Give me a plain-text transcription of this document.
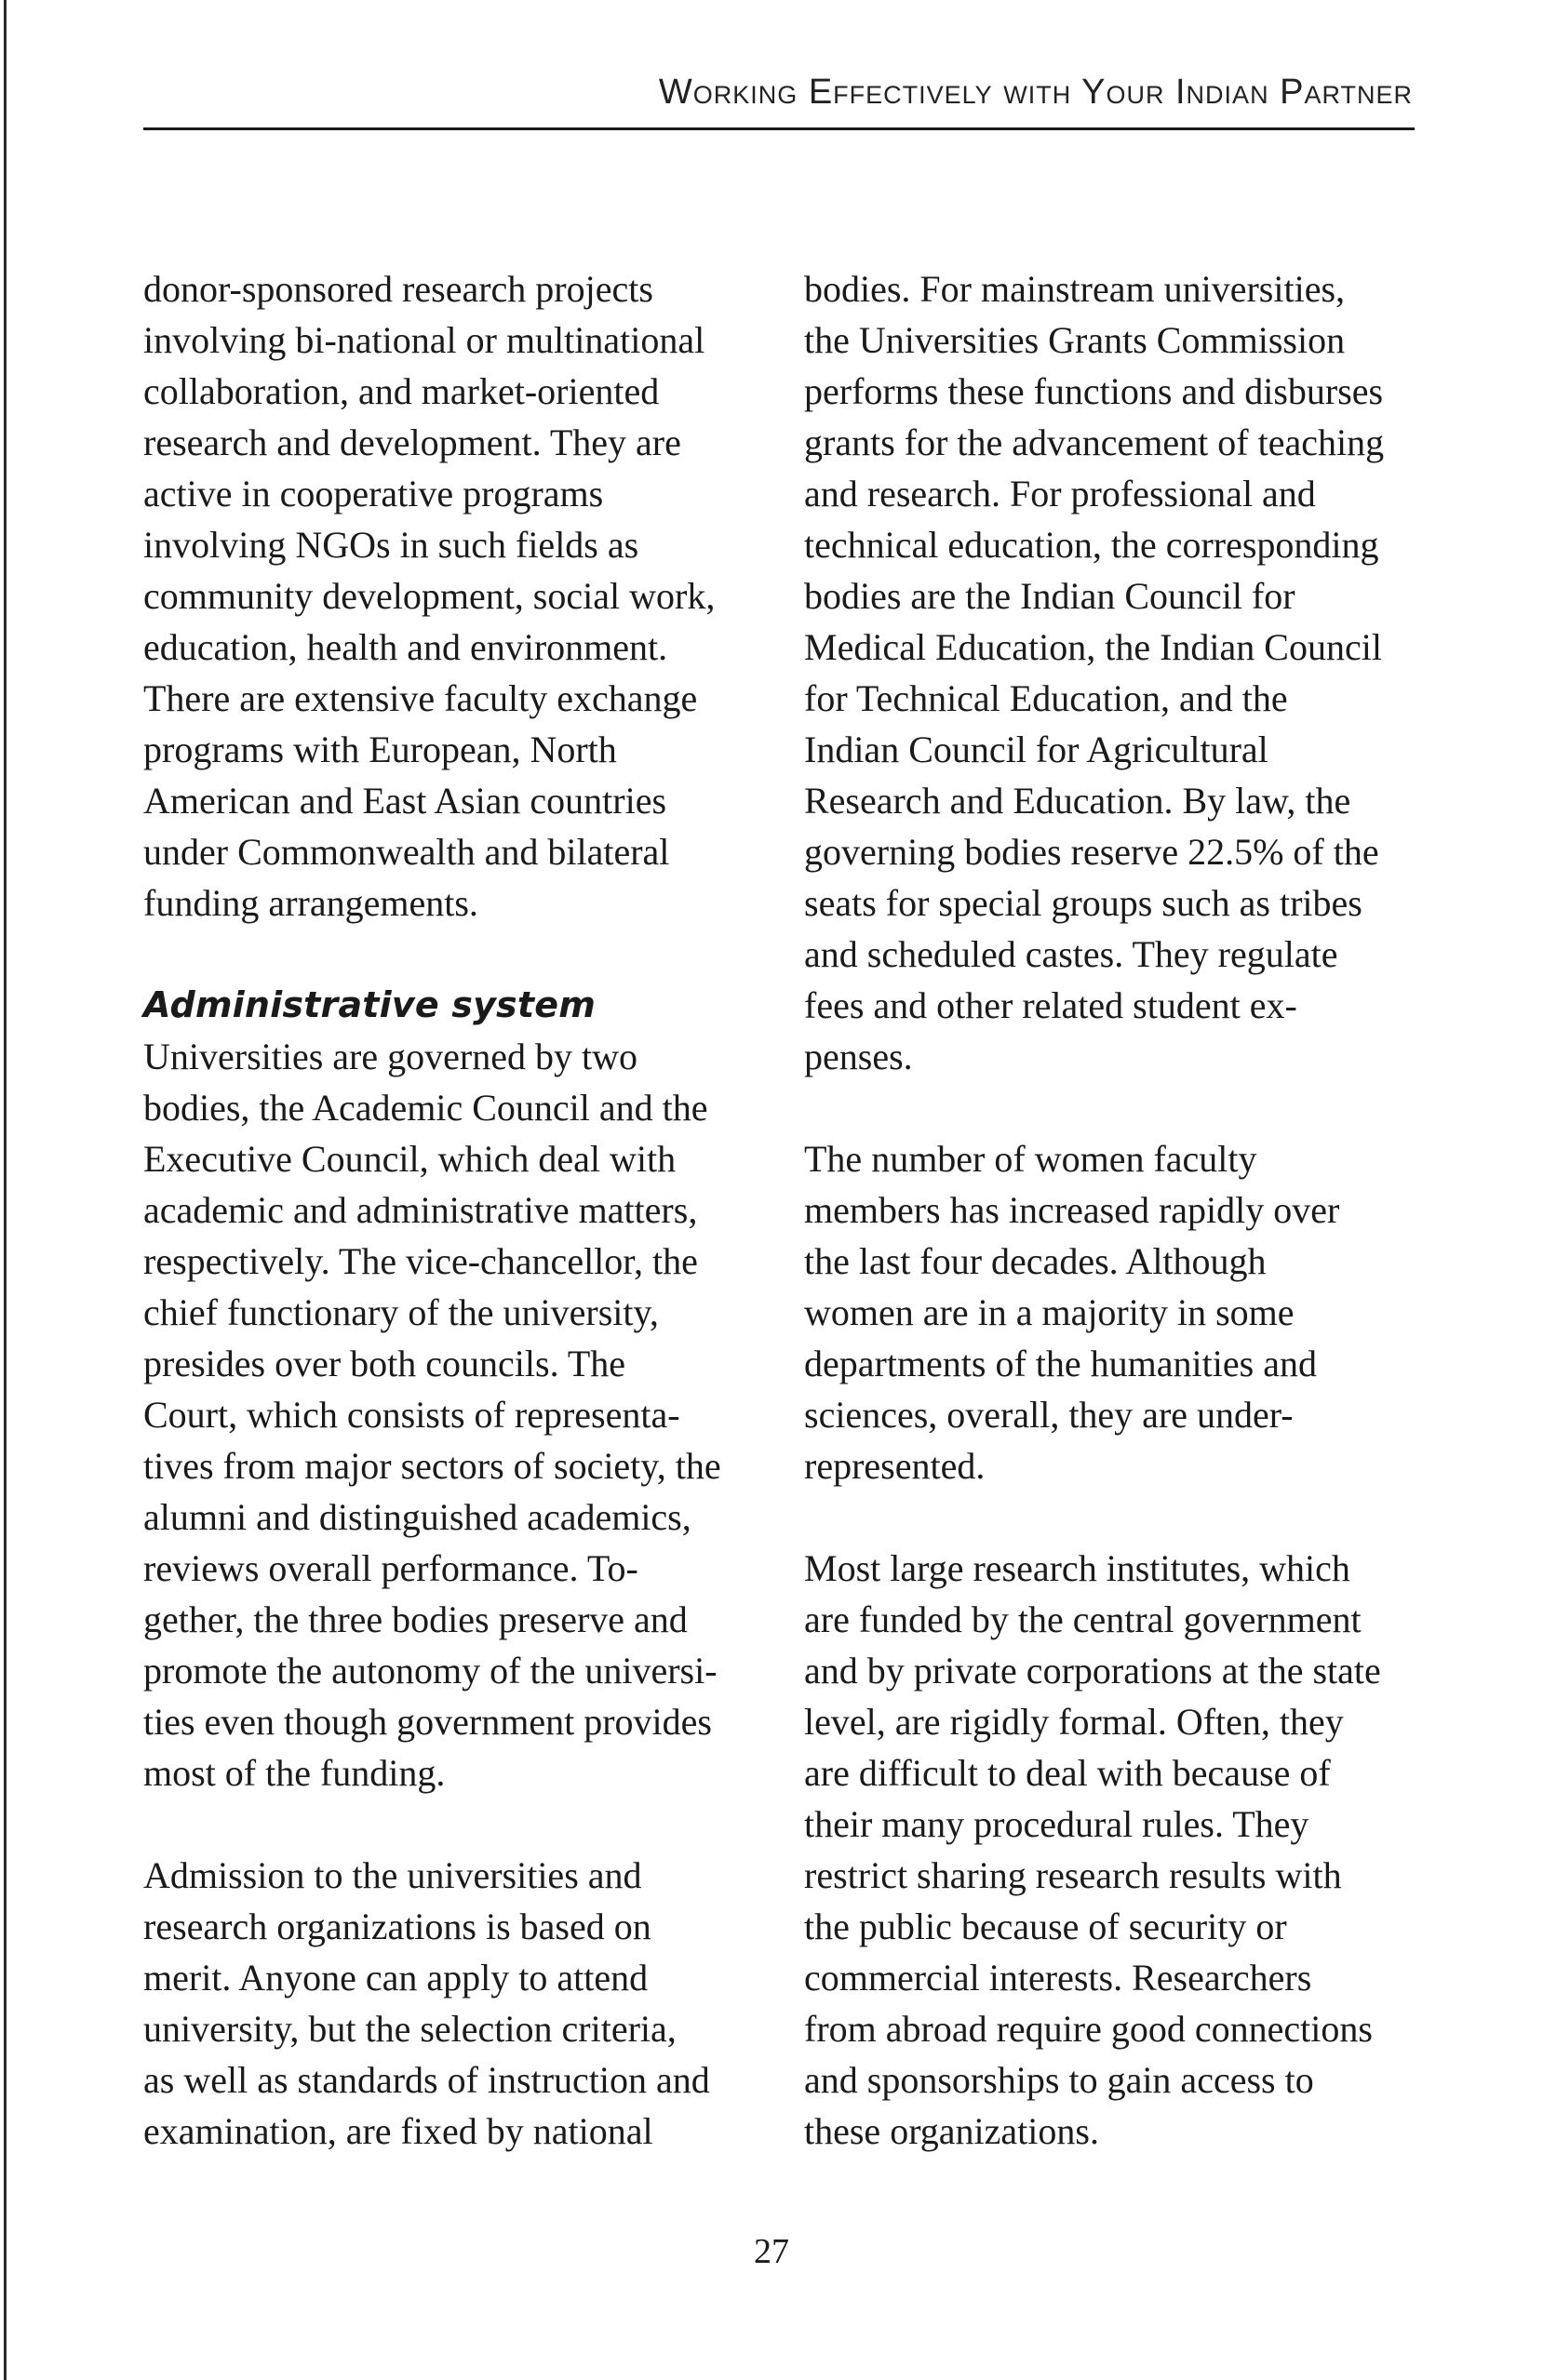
Working Effectively with Your Indian Partner

donor-sponsored research projects
involving bi-national or multinational
collaboration, and market-oriented
research and development. They are
active in cooperative programs
involving NGOs in such fields as
community development, social work,
education, health and environment.
There are extensive faculty exchange
programs with European, North
American and East Asian countries
under Commonwealth and bilateral
funding arrangements.

Administrative system

Universities are governed by two
bodies, the Academic Council and the
Executive Council, which deal with
academic and administrative matters,
respectively. The vice-chancellor, the
chief functionary of the university,
presides over both councils. The
Court, which consists of representa-
tives from major sectors of society, the
alumni and distinguished academics,
reviews overall performance. To-
gether, the three bodies preserve and
promote the autonomy of the universi-
ties even though government provides
most of the funding.

Admission to the universities and
research organizations is based on
merit. Anyone can apply to attend
university, but the selection criteria,
as well as standards of instruction and
examination, are fixed by national

bodies. For mainstream universities,
the Universities Grants Commission
performs these functions and disburses
grants for the advancement of teaching
and research. For professional and
technical education, the corresponding
bodies are the Indian Council for
Medical Education, the Indian Council
for Technical Education, and the
Indian Council for Agricultural
Research and Education. By law, the
governing bodies reserve 22.5% of the
seats for special groups such as tribes
and scheduled castes. They regulate
fees and other related student ex-
penses.

The number of women faculty
members has increased rapidly over
the last four decades. Although
women are in a majority in some
departments of the humanities and
sciences, overall, they are under-
represented.

Most large research institutes, which
are funded by the central government
and by private corporations at the state
level, are rigidly formal. Often, they
are difficult to deal with because of
their many procedural rules. They
restrict sharing research results with
the public because of security or
commercial interests. Researchers
from abroad require good connections
and sponsorships to gain access to
these organizations.

27
